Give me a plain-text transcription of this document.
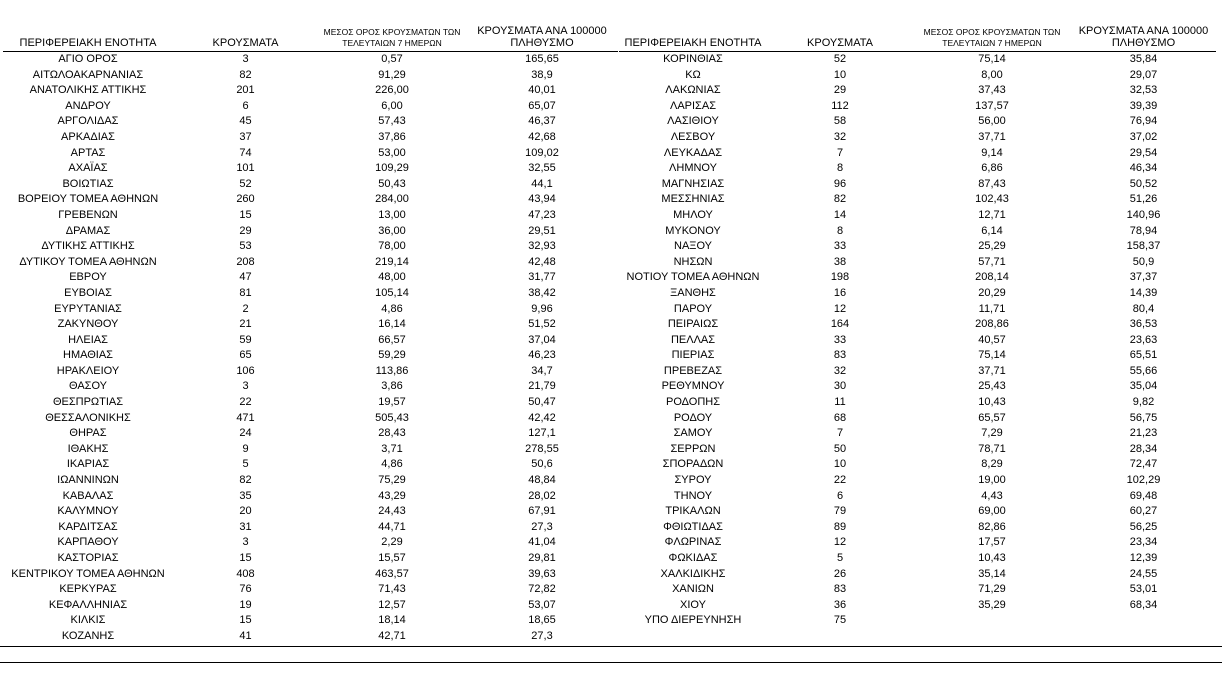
ΠΕΡΙΦΕΡΕΙΑΚΗ ΕΝΟΤΗΤΑ	ΚΡΟΥΣΜΑΤΑ	ΜΕΣΟΣ ΟΡΟΣ ΚΡΟΥΣΜΑΤΩΝ ΤΩΝ ΤΕΛΕΥΤΑΙΩΝ 7 ΗΜΕΡΩΝ	ΚΡΟΥΣΜΑΤΑ ΑΝΑ 100000 ΠΛΗΘΥΣΜΟ
ΑΓΙΟ ΟΡΟΣ	3	0,57	165,65
ΑΙΤΩΛΟΑΚΑΡΝΑΝΙΑΣ	82	91,29	38,9
ΑΝΑΤΟΛΙΚΗΣ ΑΤΤΙΚΗΣ	201	226,00	40,01
ΑΝΔΡΟΥ	6	6,00	65,07
ΑΡΓΟΛΙΔΑΣ	45	57,43	46,37
ΑΡΚΑΔΙΑΣ	37	37,86	42,68
ΑΡΤΑΣ	74	53,00	109,02
ΑΧΑΪΑΣ	101	109,29	32,55
ΒΟΙΩΤΙΑΣ	52	50,43	44,1
ΒΟΡΕΙΟΥ ΤΟΜΕΑ ΑΘΗΝΩΝ	260	284,00	43,94
ΓΡΕΒΕΝΩΝ	15	13,00	47,23
ΔΡΑΜΑΣ	29	36,00	29,51
ΔΥΤΙΚΗΣ ΑΤΤΙΚΗΣ	53	78,00	32,93
ΔΥΤΙΚΟΥ ΤΟΜΕΑ ΑΘΗΝΩΝ	208	219,14	42,48
ΕΒΡΟΥ	47	48,00	31,77
ΕΥΒΟΙΑΣ	81	105,14	38,42
ΕΥΡΥΤΑΝΙΑΣ	2	4,86	9,96
ΖΑΚΥΝΘΟΥ	21	16,14	51,52
ΗΛΕΙΑΣ	59	66,57	37,04
ΗΜΑΘΙΑΣ	65	59,29	46,23
ΗΡΑΚΛΕΙΟΥ	106	113,86	34,7
ΘΑΣΟΥ	3	3,86	21,79
ΘΕΣΠΡΩΤΙΑΣ	22	19,57	50,47
ΘΕΣΣΑΛΟΝΙΚΗΣ	471	505,43	42,42
ΘΗΡΑΣ	24	28,43	127,1
ΙΘΑΚΗΣ	9	3,71	278,55
ΙΚΑΡΙΑΣ	5	4,86	50,6
ΙΩΑΝΝΙΝΩΝ	82	75,29	48,84
ΚΑΒΑΛΑΣ	35	43,29	28,02
ΚΑΛΥΜΝΟΥ	20	24,43	67,91
ΚΑΡΔΙΤΣΑΣ	31	44,71	27,3
ΚΑΡΠΑΘΟΥ	3	2,29	41,04
ΚΑΣΤΟΡΙΑΣ	15	15,57	29,81
ΚΕΝΤΡΙΚΟΥ ΤΟΜΕΑ ΑΘΗΝΩΝ	408	463,57	39,63
ΚΕΡΚΥΡΑΣ	76	71,43	72,82
ΚΕΦΑΛΛΗΝΙΑΣ	19	12,57	53,07
ΚΙΛΚΙΣ	15	18,14	18,65
ΚΟΖΑΝΗΣ	41	42,71	27,3
ΠΕΡΙΦΕΡΕΙΑΚΗ ΕΝΟΤΗΤΑ	ΚΡΟΥΣΜΑΤΑ	ΜΕΣΟΣ ΟΡΟΣ ΚΡΟΥΣΜΑΤΩΝ ΤΩΝ ΤΕΛΕΥΤΑΙΩΝ 7 ΗΜΕΡΩΝ	ΚΡΟΥΣΜΑΤΑ ΑΝΑ 100000 ΠΛΗΘΥΣΜΟ
ΚΟΡΙΝΘΙΑΣ	52	75,14	35,84
ΚΩ	10	8,00	29,07
ΛΑΚΩΝΙΑΣ	29	37,43	32,53
ΛΑΡΙΣΑΣ	112	137,57	39,39
ΛΑΣΙΘΙΟΥ	58	56,00	76,94
ΛΕΣΒΟΥ	32	37,71	37,02
ΛΕΥΚΑΔΑΣ	7	9,14	29,54
ΛΗΜΝΟΥ	8	6,86	46,34
ΜΑΓΝΗΣΙΑΣ	96	87,43	50,52
ΜΕΣΣΗΝΙΑΣ	82	102,43	51,26
ΜΗΛΟΥ	14	12,71	140,96
ΜΥΚΟΝΟΥ	8	6,14	78,94
ΝΑΞΟΥ	33	25,29	158,37
ΝΗΣΩΝ	38	57,71	50,9
ΝΟΤΙΟΥ ΤΟΜΕΑ ΑΘΗΝΩΝ	198	208,14	37,37
ΞΑΝΘΗΣ	16	20,29	14,39
ΠΑΡΟΥ	12	11,71	80,4
ΠΕΙΡΑΙΩΣ	164	208,86	36,53
ΠΕΛΛΑΣ	33	40,57	23,63
ΠΙΕΡΙΑΣ	83	75,14	65,51
ΠΡΕΒΕΖΑΣ	32	37,71	55,66
ΡΕΘΥΜΝΟΥ	30	25,43	35,04
ΡΟΔΟΠΗΣ	11	10,43	9,82
ΡΟΔΟΥ	68	65,57	56,75
ΣΑΜΟΥ	7	7,29	21,23
ΣΕΡΡΩΝ	50	78,71	28,34
ΣΠΟΡΑΔΩΝ	10	8,29	72,47
ΣΥΡΟΥ	22	19,00	102,29
ΤΗΝΟΥ	6	4,43	69,48
ΤΡΙΚΑΛΩΝ	79	69,00	60,27
ΦΘΙΩΤΙΔΑΣ	89	82,86	56,25
ΦΛΩΡΙΝΑΣ	12	17,57	23,34
ΦΩΚΙΔΑΣ	5	10,43	12,39
ΧΑΛΚΙΔΙΚΗΣ	26	35,14	24,55
ΧΑΝΙΩΝ	83	71,29	53,01
ΧΙΟΥ	36	35,29	68,34
ΥΠΟ ΔΙΕΡΕΥΝΗΣΗ	75		
